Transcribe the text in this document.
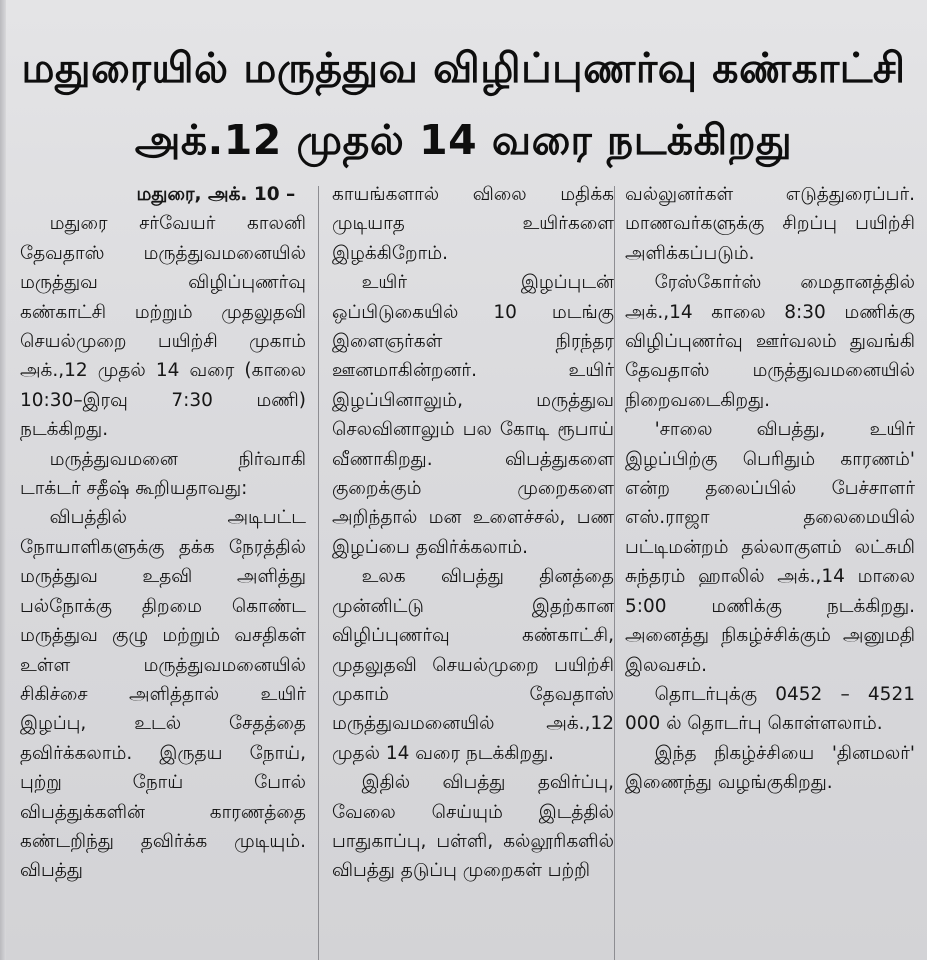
மதுரையில் மருத்துவ விழிப்புணர்வு கண்காட்சி
அக்.12 முதல் 14 வரை நடக்கிறது
மதுரை, அக். 10 –
மதுரை சர்வேயர் காலனி தேவதாஸ் மருத்துவமனையில் மருத்துவ விழிப்புணர்வு கண்காட்சி மற்றும் முதலுதவி செயல்முறை பயிற்சி முகாம் அக்.,12 முதல் 14 வரை (காலை 10:30–இரவு 7:30 மணி) நடக்கிறது.
மருத்துவமனை நிர்வாகி டாக்டர் சதீஷ் கூறியதாவது:
விபத்தில் அடிபட்ட நோயாளிகளுக்கு தக்க நேரத்தில் மருத்துவ உதவி அளித்து பல்நோக்கு திறமை கொண்ட மருத்துவ குழு மற்றும் வசதிகள் உள்ள மருத்துவமனையில் சிகிச்சை அளித்தால் உயிர் இழப்பு, உடல் சேதத்தை தவிர்க்கலாம். இருதய நோய், புற்று நோய் போல் விபத்துக்களின் காரணத்தை கண்டறிந்து தவிர்க்க முடியும். விபத்து
காயங்களால் விலை மதிக்க முடியாத உயிர்களை இழக்கிறோம்.
உயிர் இழப்புடன் ஒப்பிடுகையில் 10 மடங்கு இளைஞர்கள் நிரந்தர ஊனமாகின்றனர். உயிர் இழப்பினாலும், மருத்துவ செலவினாலும் பல கோடி ரூபாய் வீணாகிறது. விபத்துகளை குறைக்கும் முறைகளை அறிந்தால் மன உளைச்சல், பண இழப்பை தவிர்க்கலாம்.
உலக விபத்து தினத்தை முன்னிட்டு இதற்கான விழிப்புணர்வு கண்காட்சி, முதலுதவி செயல்முறை பயிற்சி முகாம் தேவதாஸ் மருத்துவமனையில் அக்.,12 முதல் 14 வரை நடக்கிறது.
இதில் விபத்து தவிர்ப்பு, வேலை செய்யும் இடத்தில் பாதுகாப்பு, பள்ளி, கல்லூரிகளில் விபத்து தடுப்பு முறைகள் பற்றி
வல்லுனர்கள் எடுத்துரைப்பர். மாணவர்களுக்கு சிறப்பு பயிற்சி அளிக்கப்படும்.
ரேஸ்கோர்ஸ் மைதானத்தில் அக்.,14 காலை 8:30 மணிக்கு விழிப்புணர்வு ஊர்வலம் துவங்கி தேவதாஸ் மருத்துவமனையில் நிறைவடைகிறது.
'சாலை விபத்து, உயிர் இழப்பிற்கு பெரிதும் காரணம்' என்ற தலைப்பில் பேச்சாளர் எஸ்.ராஜா தலைமையில் பட்டிமன்றம் தல்லாகுளம் லட்சுமி சுந்தரம் ஹாலில் அக்.,14 மாலை 5:00 மணிக்கு நடக்கிறது. அனைத்து நிகழ்ச்சிக்கும் அனுமதி இலவசம்.
தொடர்புக்கு 0452 – 4521 000 ல் தொடர்பு கொள்ளலாம்.
இந்த நிகழ்ச்சியை 'தினமலர்' இணைந்து வழங்குகிறது.
